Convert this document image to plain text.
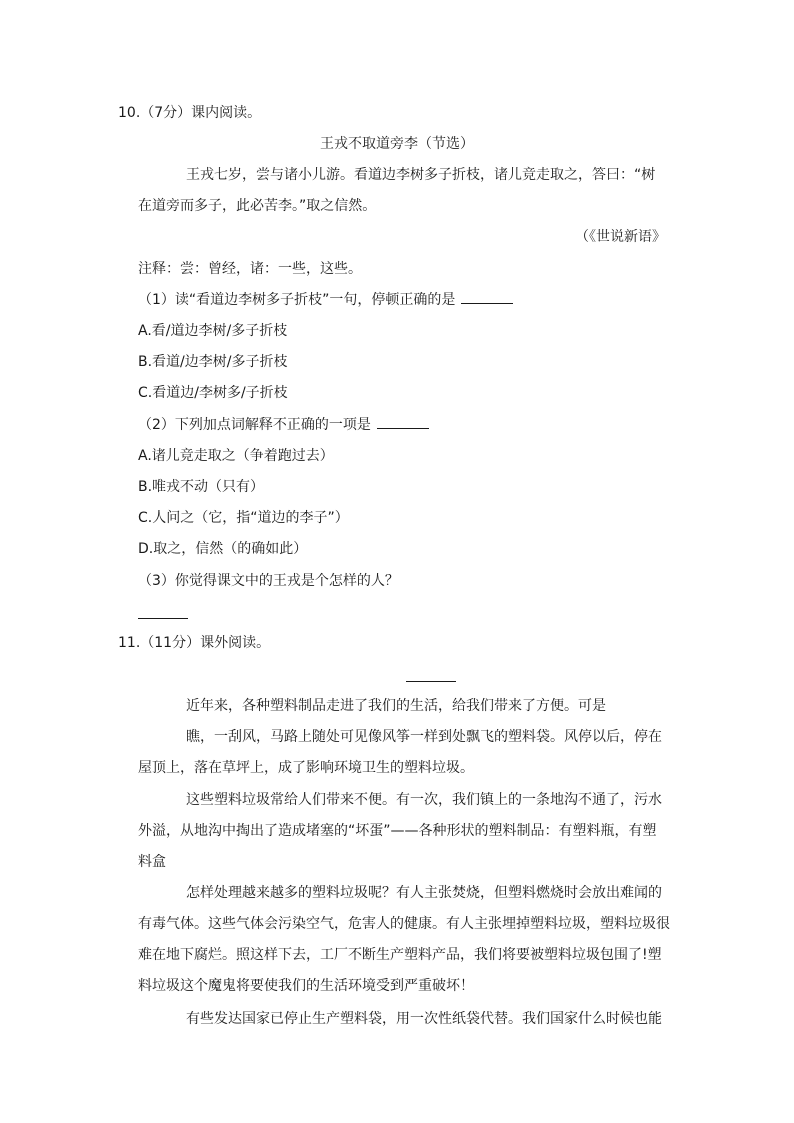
10.（7分）课内阅读。
王戎不取道旁李（节选）
王戎七岁，尝与诸小儿游。看道边李树多子折枝，诸儿竞走取之，答曰：“树
在道旁而多子，此必苦李。”取之信然。
（《世说新语》
注释：尝：曾经，诸：一些，这些。
（1）读“看道边李树多子折枝”一句，停顿正确的是
A.看/道边李树/多子折枝
B.看道/边李树/多子折枝
C.看道边/李树多/子折枝
（2）下列加点词解释不正确的一项是
A.诸儿竞走取之（争着跑过去）
B.唯戎不动（只有）
C.人问之（它，指“道边的李子”）
D.取之，信然（的确如此）
（3）你觉得课文中的王戎是个怎样的人？
11.（11分）课外阅读。
近年来，各种塑料制品走进了我们的生活，给我们带来了方便。可是
瞧，一刮风，马路上随处可见像风筝一样到处飘飞的塑料袋。风停以后，停在
屋顶上，落在草坪上，成了影响环境卫生的塑料垃圾。
这些塑料垃圾常给人们带来不便。有一次，我们镇上的一条地沟不通了，污水
外溢，从地沟中掏出了造成堵塞的“坏蛋”——各种形状的塑料制品：有塑料瓶，有塑
料盒
怎样处理越来越多的塑料垃圾呢？有人主张焚烧，但塑料燃烧时会放出难闻的
有毒气体。这些气体会污染空气，危害人的健康。有人主张埋掉塑料垃圾，塑料垃圾很
难在地下腐烂。照这样下去，工厂不断生产塑料产品，我们将要被塑料垃圾包围了!塑
料垃圾这个魔鬼将要使我们的生活环境受到严重破坏！
有些发达国家已停止生产塑料袋，用一次性纸袋代替。我们国家什么时候也能
